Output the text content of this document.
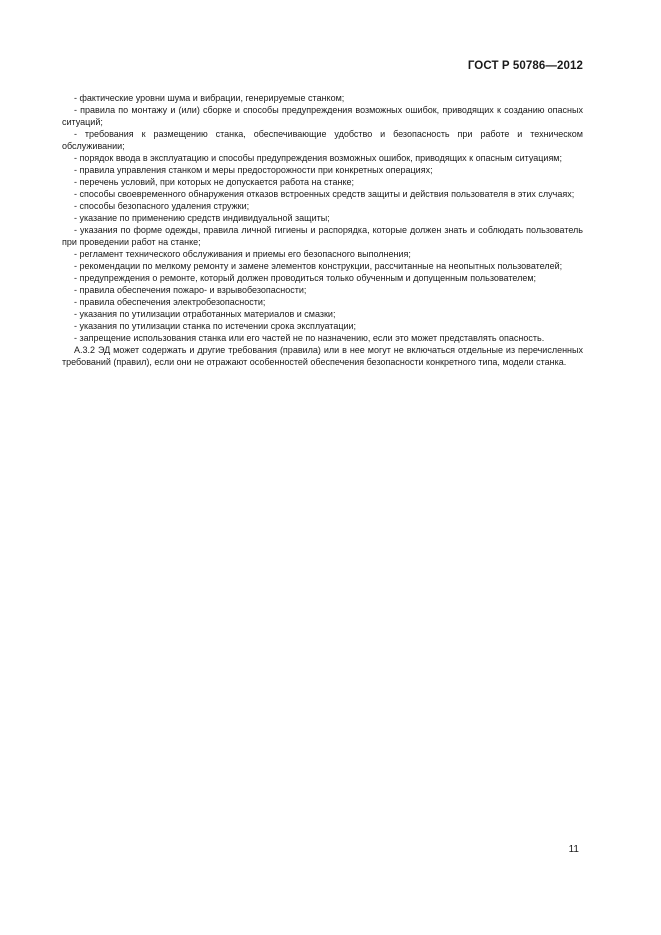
ГОСТ Р 50786—2012

- фактические уровни шума и вибрации, генерируемые станком;

- правила по монтажу и (или) сборке и способы предупреждения возможных ошибок, приводящих к созданию опасных ситуаций;

- требования к размещению станка, обеспечивающие удобство и безопасность при работе и техническом обслуживании;

- порядок ввода в эксплуатацию и способы предупреждения возможных ошибок, приводящих к опасным ситуациям;

- правила управления станком и меры предосторожности при конкретных операциях;

- перечень условий, при которых не допускается работа на станке;

- способы своевременного обнаружения отказов встроенных средств защиты и действия пользователя в этих случаях;

- способы безопасного удаления стружки;

- указание по применению средств индивидуальной защиты;

- указания по форме одежды, правила личной гигиены и распорядка, которые должен знать и соблюдать пользователь при проведении работ на станке;

- регламент технического обслуживания и приемы его безопасного выполнения;

- рекомендации по мелкому ремонту и замене элементов конструкции, рассчитанные на неопытных пользователей;

- предупреждения о ремонте, который должен проводиться только обученным и допущенным пользователем;

- правила обеспечения пожаро- и взрывобезопасности;

- правила обеспечения электробезопасности;

- указания по утилизации отработанных материалов и смазки;

- указания по утилизации станка по истечении срока эксплуатации;

- запрещение использования станка или его частей не по назначению, если это может представлять опасность.

А.3.2 ЭД может содержать и другие требования (правила) или в нее могут не включаться отдельные из перечисленных требований (правил), если они не отражают особенностей обеспечения безопасности конкретного типа, модели станка.

11
